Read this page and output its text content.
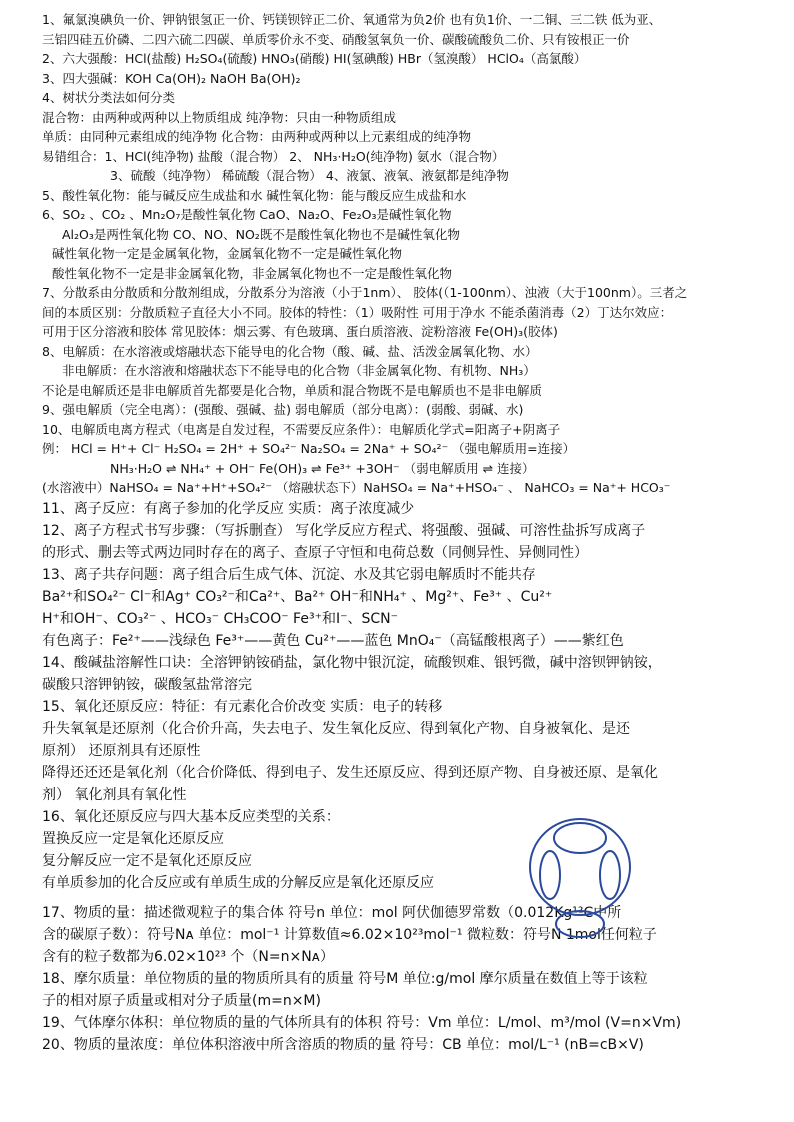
1、氟氯溴碘负一价、钾钠银氢正一价、钙镁钡锌正二价、氧通常为负2价 也有负1价、一二铜、三二铁 低为亚、
三铝四硅五价磷、二四六硫二四碳、单质零价永不变、硝酸氢氧负一价、碳酸硫酸负二价、只有铵根正一价
2、六大强酸：HCl(盐酸) H₂SO₄(硫酸) HNO₃(硝酸) HI(氢碘酸) HBr（氢溴酸） HClO₄（高氯酸）
3、四大强碱：KOH Ca(OH)₂ NaOH Ba(OH)₂
4、树状分类法如何分类
混合物：由两种或两种以上物质组成 纯净物：只由一种物质组成
单质：由同种元素组成的纯净物 化合物：由两种或两种以上元素组成的纯净物
易错组合：1、HCl(纯净物) 盐酸（混合物） 2、 NH₃·H₂O(纯净物) 氨水（混合物）
3、硫酸（纯净物） 稀硫酸（混合物） 4、液氯、液氧、液氨都是纯净物
5、酸性氧化物：能与碱反应生成盐和水 碱性氧化物：能与酸反应生成盐和水
6、SO₂ 、CO₂ 、Mn₂O₇是酸性氧化物 CaO、Na₂O、Fe₂O₃是碱性氧化物
Al₂O₃是两性氧化物 CO、NO、NO₂既不是酸性氧化物也不是碱性氧化物
碱性氧化物一定是金属氧化物，金属氧化物不一定是碱性氧化物
酸性氧化物不一定是非金属氧化物，非金属氧化物也不一定是酸性氧化物
7、分散系由分散质和分散剂组成，分散系分为溶液（小于1nm）、 胶体(（1-100nm）、浊液（大于100nm）。三者之
间的本质区别：分散质粒子直径大小不同。胶体的特性：（1）吸附性 可用于净水 不能杀菌消毒（2）丁达尔效应：
可用于区分溶液和胶体 常见胶体：烟云雾、有色玻璃、蛋白质溶液、淀粉溶液 Fe(OH)₃(胶体)
8、电解质：在水溶液或熔融状态下能导电的化合物（酸、碱、盐、活泼金属氧化物、水）
非电解质：在水溶液和熔融状态下不能导电的化合物（非金属氧化物、有机物、NH₃）
不论是电解质还是非电解质首先都要是化合物，单质和混合物既不是电解质也不是非电解质
9、强电解质（完全电离）：(强酸、强碱、盐) 弱电解质（部分电离）：(弱酸、弱碱、水)
10、电解质电离方程式（电离是自发过程，不需要反应条件）：电解质化学式=阳离子+阴离子
例： HCl = H⁺+ Cl⁻ H₂SO₄ = 2H⁺ + SO₄²⁻ Na₂SO₄ = 2Na⁺ + SO₄²⁻ （强电解质用=连接）
NH₃·H₂O ⇌ NH₄⁺ + OH⁻ Fe(OH)₃ ⇌ Fe³⁺ +3OH⁻ （弱电解质用 ⇌ 连接）
(水溶液中）NaHSO₄ = Na⁺+H⁺+SO₄²⁻ （熔融状态下）NaHSO₄ = Na⁺+HSO₄⁻ 、 NaHCO₃ = Na⁺+ HCO₃⁻
11、离子反应：有离子参加的化学反应 实质：离子浓度减少
12、离子方程式书写步骤：（写拆删查） 写化学反应方程式、将强酸、强碱、可溶性盐拆写成离子
的形式、删去等式两边同时存在的离子、查原子守恒和电荷总数（同侧异性、异侧同性）
13、离子共存问题：离子组合后生成气体、沉淀、水及其它弱电解质时不能共存
Ba²⁺和SO₄²⁻ Cl⁻和Ag⁺ CO₃²⁻和Ca²⁺、Ba²⁺ OH⁻和NH₄⁺ 、Mg²⁺、Fe³⁺ 、Cu²⁺
H⁺和OH⁻、CO₃²⁻ 、HCO₃⁻ CH₃COO⁻ Fe³⁺和I⁻、SCN⁻
有色离子：Fe²⁺——浅绿色 Fe³⁺——黄色 Cu²⁺——蓝色 MnO₄⁻（高锰酸根离子）——紫红色
14、酸碱盐溶解性口诀：全溶钾钠铵硝盐，氯化物中银沉淀，硫酸钡难、银钙微，碱中溶钡钾钠铵，
碳酸只溶钾钠铵，碳酸氢盐常溶完
15、氧化还原反应：特征：有元素化合价改变 实质：电子的转移
升失氧氧是还原剂（化合价升高，失去电子、发生氧化反应、得到氧化产物、自身被氧化、是还
原剂） 还原剂具有还原性
降得还还还是氧化剂（化合价降低、得到电子、发生还原反应、得到还原产物、自身被还原、是氧化
剂） 氧化剂具有氧化性
16、氧化还原反应与四大基本反应类型的关系：
置换反应一定是氧化还原反应
复分解反应一定不是氧化还原反应
有单质参加的化合反应或有单质生成的分解反应是氧化还原反应
17、物质的量：描述微观粒子的集合体 符号n 单位：mol 阿伏伽德罗常数（0.012Kg¹²C中所
含的碳原子数）：符号Nᴀ 单位：mol⁻¹ 计算数值≈6.02×10²³mol⁻¹ 微粒数：符号N 1mol任何粒子
含有的粒子数都为6.02×10²³ 个（N=n×Nᴀ）
18、摩尔质量：单位物质的量的物质所具有的质量 符号M 单位:g/mol 摩尔质量在数值上等于该粒
子的相对原子质量或相对分子质量(m=n×M)
19、气体摩尔体积：单位物质的量的气体所具有的体积 符号：Vm 单位：L/mol、m³/mol (V=n×Vm)
20、物质的量浓度：单位体积溶液中所含溶质的物质的量 符号：CB 单位：mol/L⁻¹ (nB=cB×V)
